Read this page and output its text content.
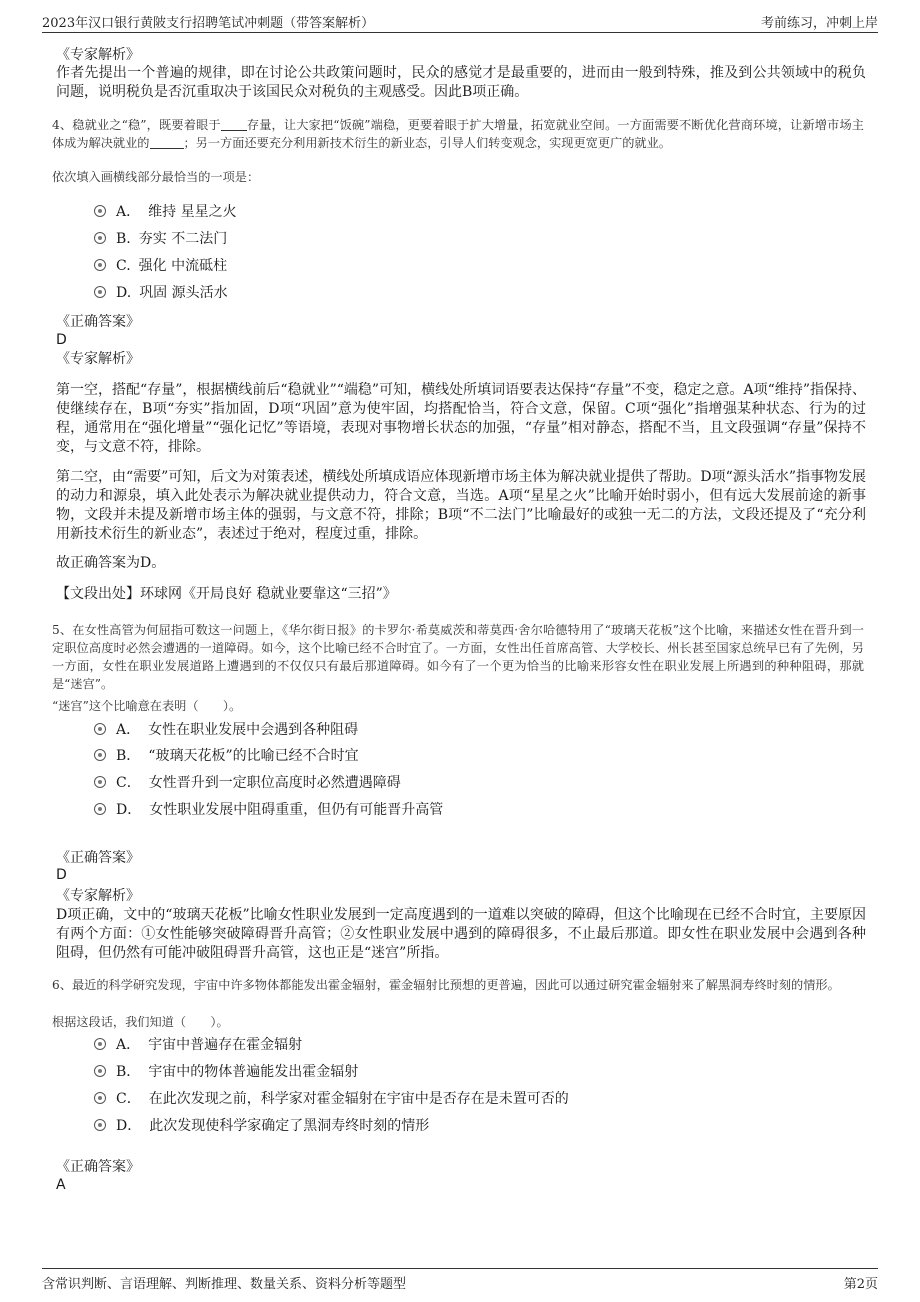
2023年汉口银行黄陂支行招聘笔试冲刺题（带答案解析）	考前练习，冲刺上岸
《专家解析》

作者先提出一个普遍的规律，即在讨论公共政策问题时，民众的感觉才是最重要的，进而由一般到特殊，推及到公共领域中的税负问题，说明税负是否沉重取决于该国民众对税负的主观感受。因此B项正确。

4、稳就业之“稳”，既要着眼于 存量，让大家把“饭碗”端稳，更要着眼于扩大增量，拓宽就业空间。一方面需要不断优化营商环境，让新增市场主体成为解决就业的	；另一方面还要充分利用新技术衍生的新业态，引导人们转变观念，实现更宽更广的就业。

依次填入画横线部分最恰当的一项是：

A． 维持 星星之火
B. 夯实 不二法门
C. 强化 中流砥柱
D. 巩固 源头活水
《正确答案》
D
《专家解析》

第一空，搭配“存量”，根据横线前后“稳就业”“端稳”可知，横线处所填词语要表达保持“存量”不变，稳定之意。A项“维持”指保持、使继续存在，B项“夯实”指加固，D项“巩固”意为使牢固，均搭配恰当，符合文意，保留。C项“强化”指增强某种状态、行为的过程，通常用在“强化增量”“强化记忆”等语境，表现对事物增长状态的加强，“存量”相对静态，搭配不当，且文段强调“存量”保持不变，与文意不符，排除。

第二空，由“需要”可知，后文为对策表述，横线处所填成语应体现新增市场主体为解决就业提供了帮助。D项“源头活水”指事物发展的动力和源泉，填入此处表示为解决就业提供动力，符合文意，当选。A项“星星之火”比喻开始时弱小，但有远大发展前途的新事物，文段并未提及新增市场主体的强弱，与文意不符，排除；B项“不二法门”比喻最好的或独一无二的方法，文段还提及了“充分利用新技术衍生的新业态”，表述过于绝对，程度过重，排除。

故正确答案为D。

【文段出处】环球网《开局良好 稳就业要靠这“三招”》

5、在女性高管为何屈指可数这一问题上，《华尔街日报》的卡罗尔·希莫威茨和蒂莫西·舍尔哈德特用了“玻璃天花板”这个比喻，来描述女性在晋升到一定职位高度时必然会遭遇的一道障碍。如今，这个比喻已经不合时宜了。一方面，女性出任首席高管、大学校长、州长甚至国家总统早已有了先例，另一方面，女性在职业发展道路上遭遇到的不仅仅只有最后那道障碍。如今有了一个更为恰当的比喻来形容女性在职业发展上所遇到的种种阻碍，那就是“迷宫”。

“迷宫”这个比喻意在表明（　　）。

A． 女性在职业发展中会遇到各种阻碍
B． “玻璃天花板”的比喻已经不合时宜
C． 女性晋升到一定职位高度时必然遭遇障碍
D． 女性职业发展中阻碍重重，但仍有可能晋升高管
《正确答案》
D
《专家解析》

D项正确，文中的“玻璃天花板”比喻女性职业发展到一定高度遇到的一道难以突破的障碍，但这个比喻现在已经不合时宜，主要原因有两个方面：①女性能够突破障碍晋升高管；②女性职业发展中遇到的障碍很多，不止最后那道。即女性在职业发展中会遇到各种阻碍，但仍然有可能冲破阻碍晋升高管，这也正是“迷宫”所指。

6、最近的科学研究发现，宇宙中许多物体都能发出霍金辐射，霍金辐射比预想的更普遍，因此可以通过研究霍金辐射来了解黑洞寿终时刻的情形。

根据这段话，我们知道（　　）。

A． 宇宙中普遍存在霍金辐射
B． 宇宙中的物体普遍能发出霍金辐射
C． 在此次发现之前，科学家对霍金辐射在宇宙中是否存在是未置可否的
D． 此次发现使科学家确定了黑洞寿终时刻的情形
《正确答案》
A
含常识判断、言语理解、判断推理、数量关系、资料分析等题型	第2页
